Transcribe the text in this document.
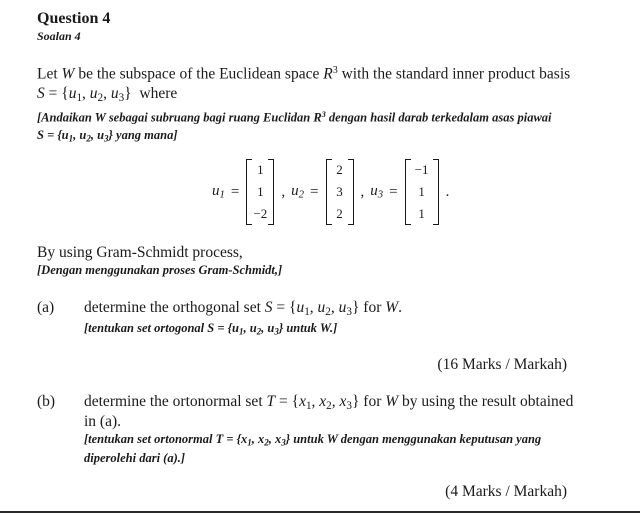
Question 4
Soalan 4
Let W be the subspace of the Euclidean space $R^3$ with the standard inner product basis
$S = \{u_1$, $u_2$, $u_3$}  where
[Andaikan W sebagai subruang bagi ruang Euclidan $R^3$ dengan hasil darab terkedalam asas piawai
$S = \{u_1$, $u_2$, $u_3$} yang mana]
$u_1$ =
1
1
−2
, $u_2$ =
2
3
2
, $u_3$ =
−1
1
1
.
By using Gram-Schmidt process,
[Dengan menggunakan proses Gram-Schmidt,]
(a) determine the orthogonal set $S = \{u_1$, $u_2$, $u_3$} for W.
[tentukan set ortogonal $S = \{u_1$, $u_2$, $u_3$} untuk W.]
(16 Marks / Markah)
(b) determine the ortonormal set $T = \{x_1$, $x_2$, $x_3$} for W by using the result obtained
in (a).
[tentukan set ortonormal $T = \{x_1$, $x_2$, $x_3$} untuk W dengan menggunakan keputusan yang
diperolehi dari (a).]
(4 Marks / Markah)
